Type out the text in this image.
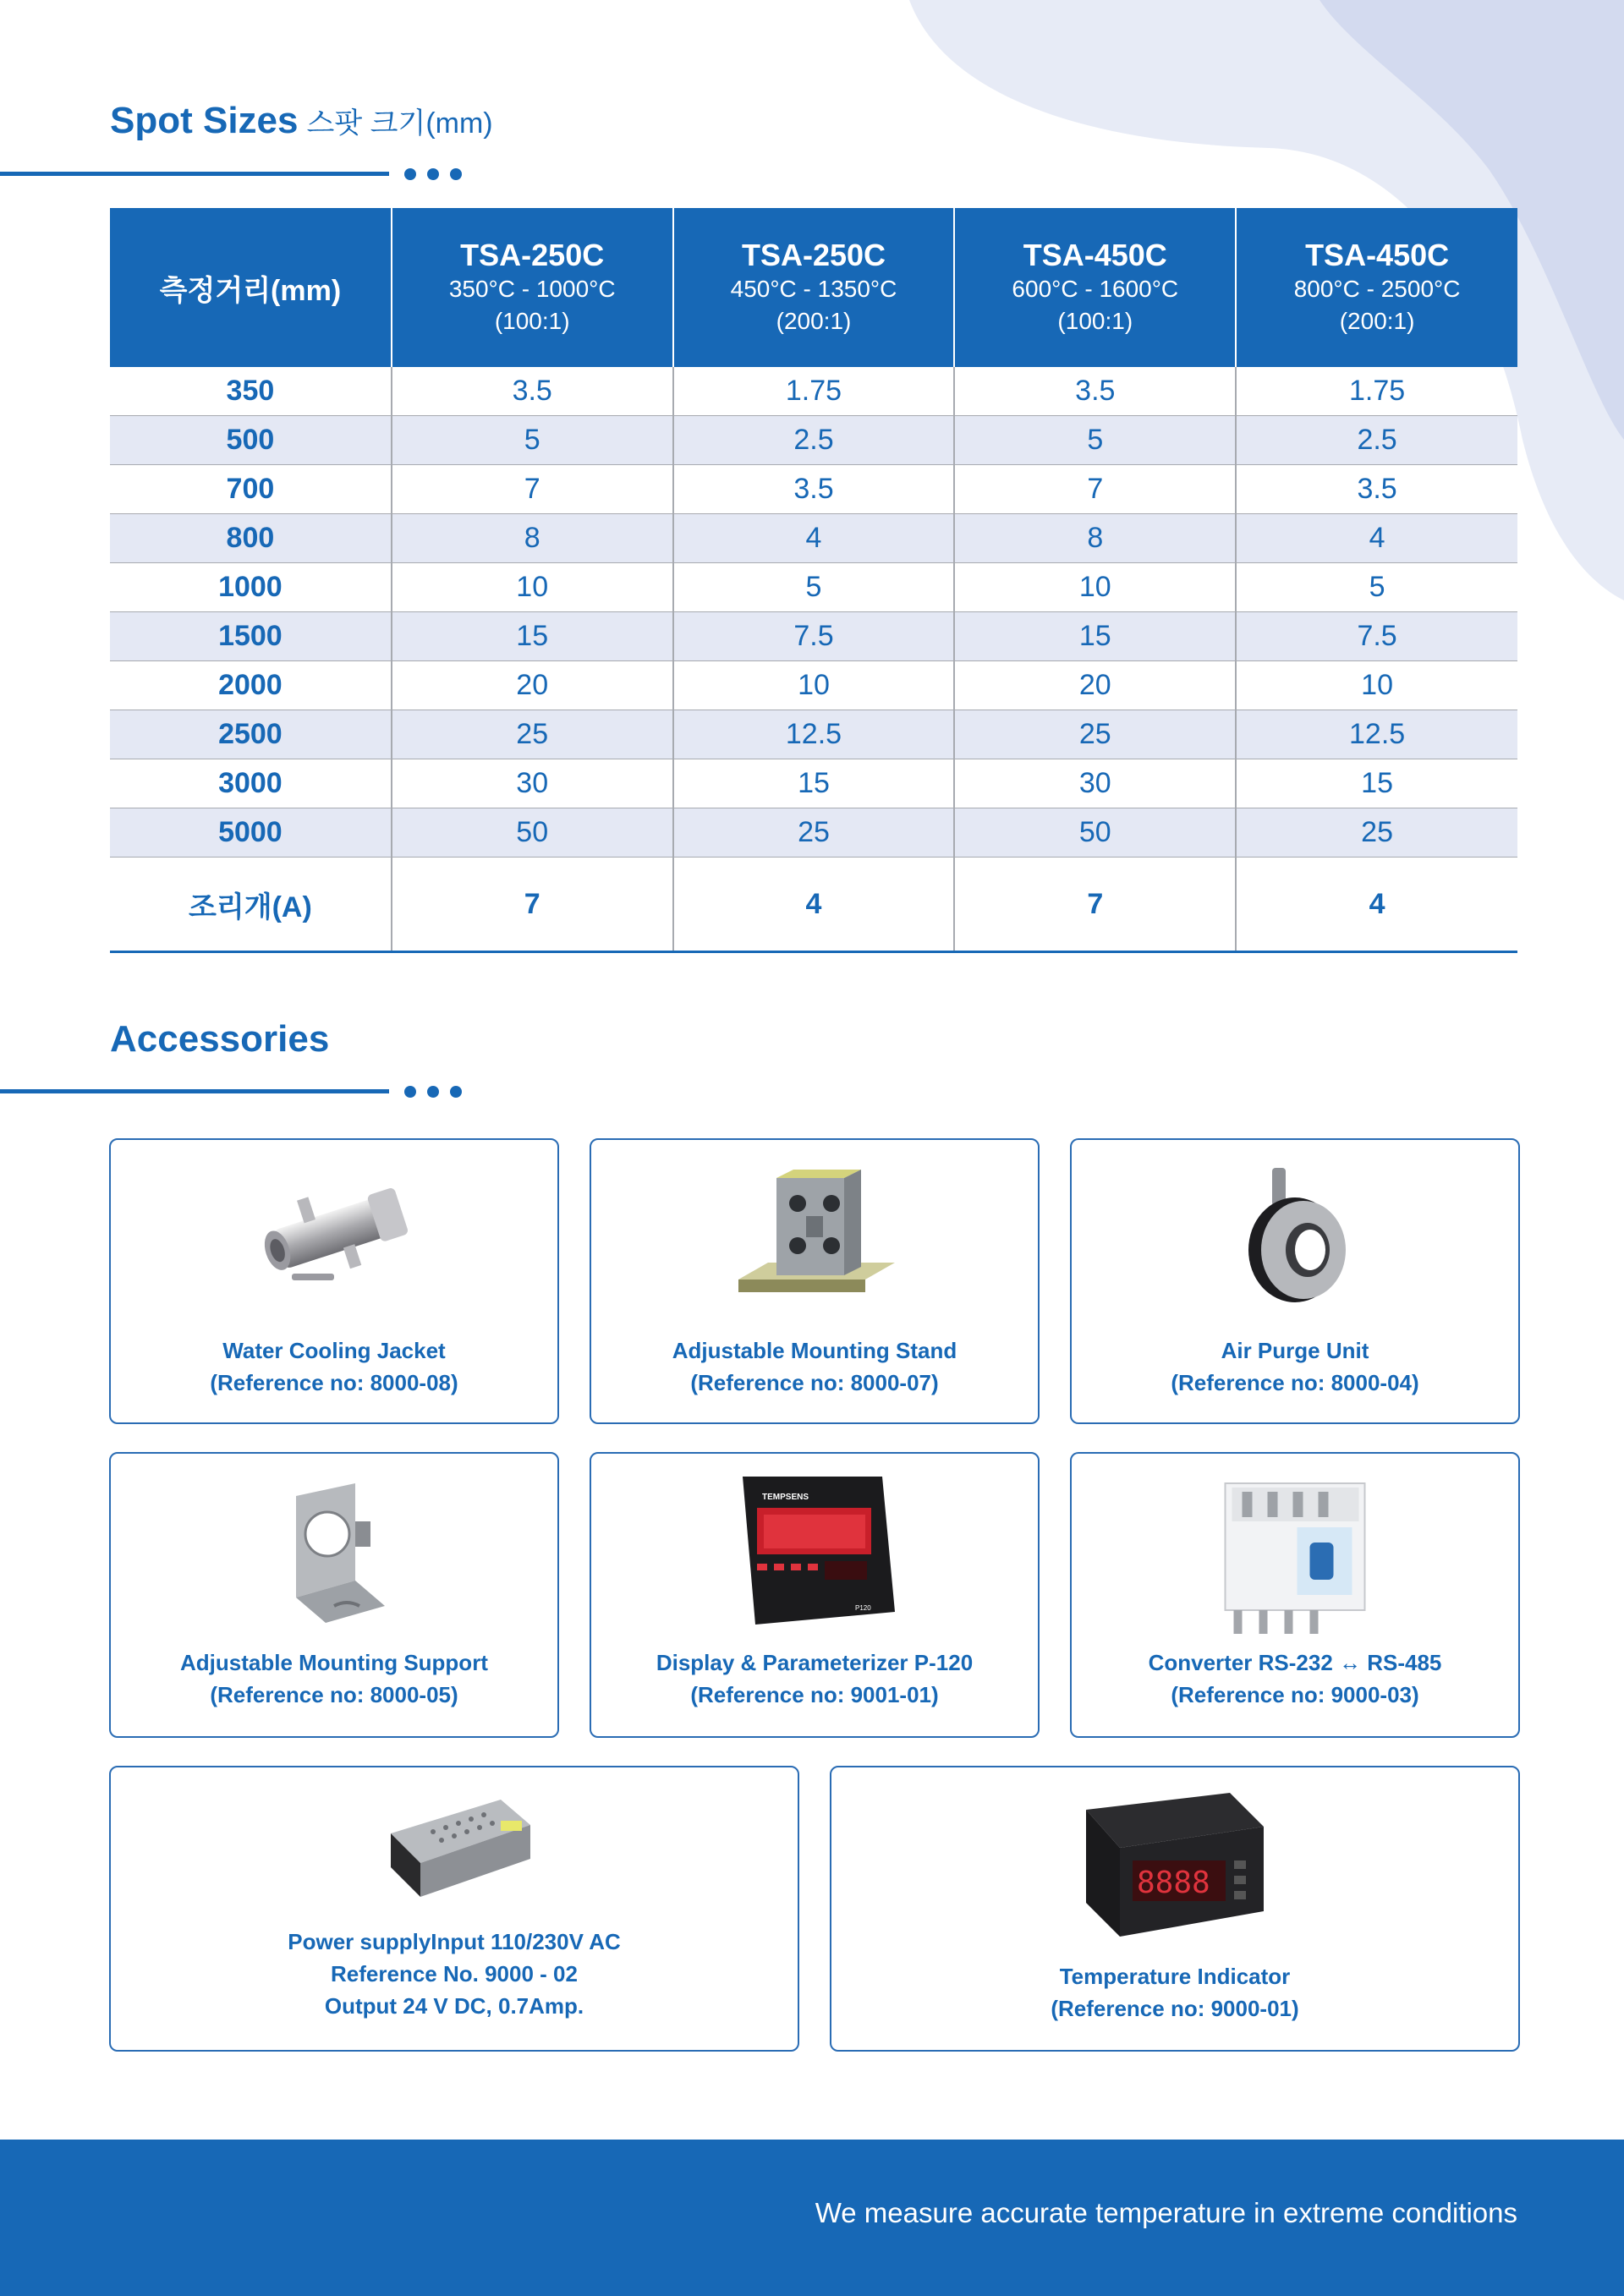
Spot Sizes 스팟 크기(mm)
측정거리(mm)	TSA-250C
350°C - 1000°C
(100:1)	TSA-250C
450°C - 1350°C
(200:1)	TSA-450C
600°C - 1600°C
(100:1)	TSA-450C
800°C - 2500°C
(200:1)

350	3.5	1.75	3.5	1.75
500	5	2.5	5	2.5
700	7	3.5	7	3.5
800	8	4	8	4
1000	10	5	10	5
1500	15	7.5	15	7.5
2000	20	10	20	10
2500	25	12.5	25	12.5
3000	30	15	30	15
5000	50	25	50	25
조리개(A)	7	4	7	4
Accessories
Water Cooling Jacket
(Reference no: 8000-08)
Adjustable Mounting Stand
(Reference no: 8000-07)
Air Purge Unit
(Reference no: 8000-04)
Adjustable Mounting Support
(Reference no: 8000-05)
TEMPSENS
P120
Display & Parameterizer P-120
(Reference no: 9001-01)
Converter RS-232 ↔ RS-485
(Reference no: 9000-03)
Power supplyInput 110/230V AC
Reference No. 9000 - 02
Output 24 V DC, 0.7Amp.
8888
Temperature Indicator
(Reference no: 9000-01)
We measure accurate temperature in extreme conditions
